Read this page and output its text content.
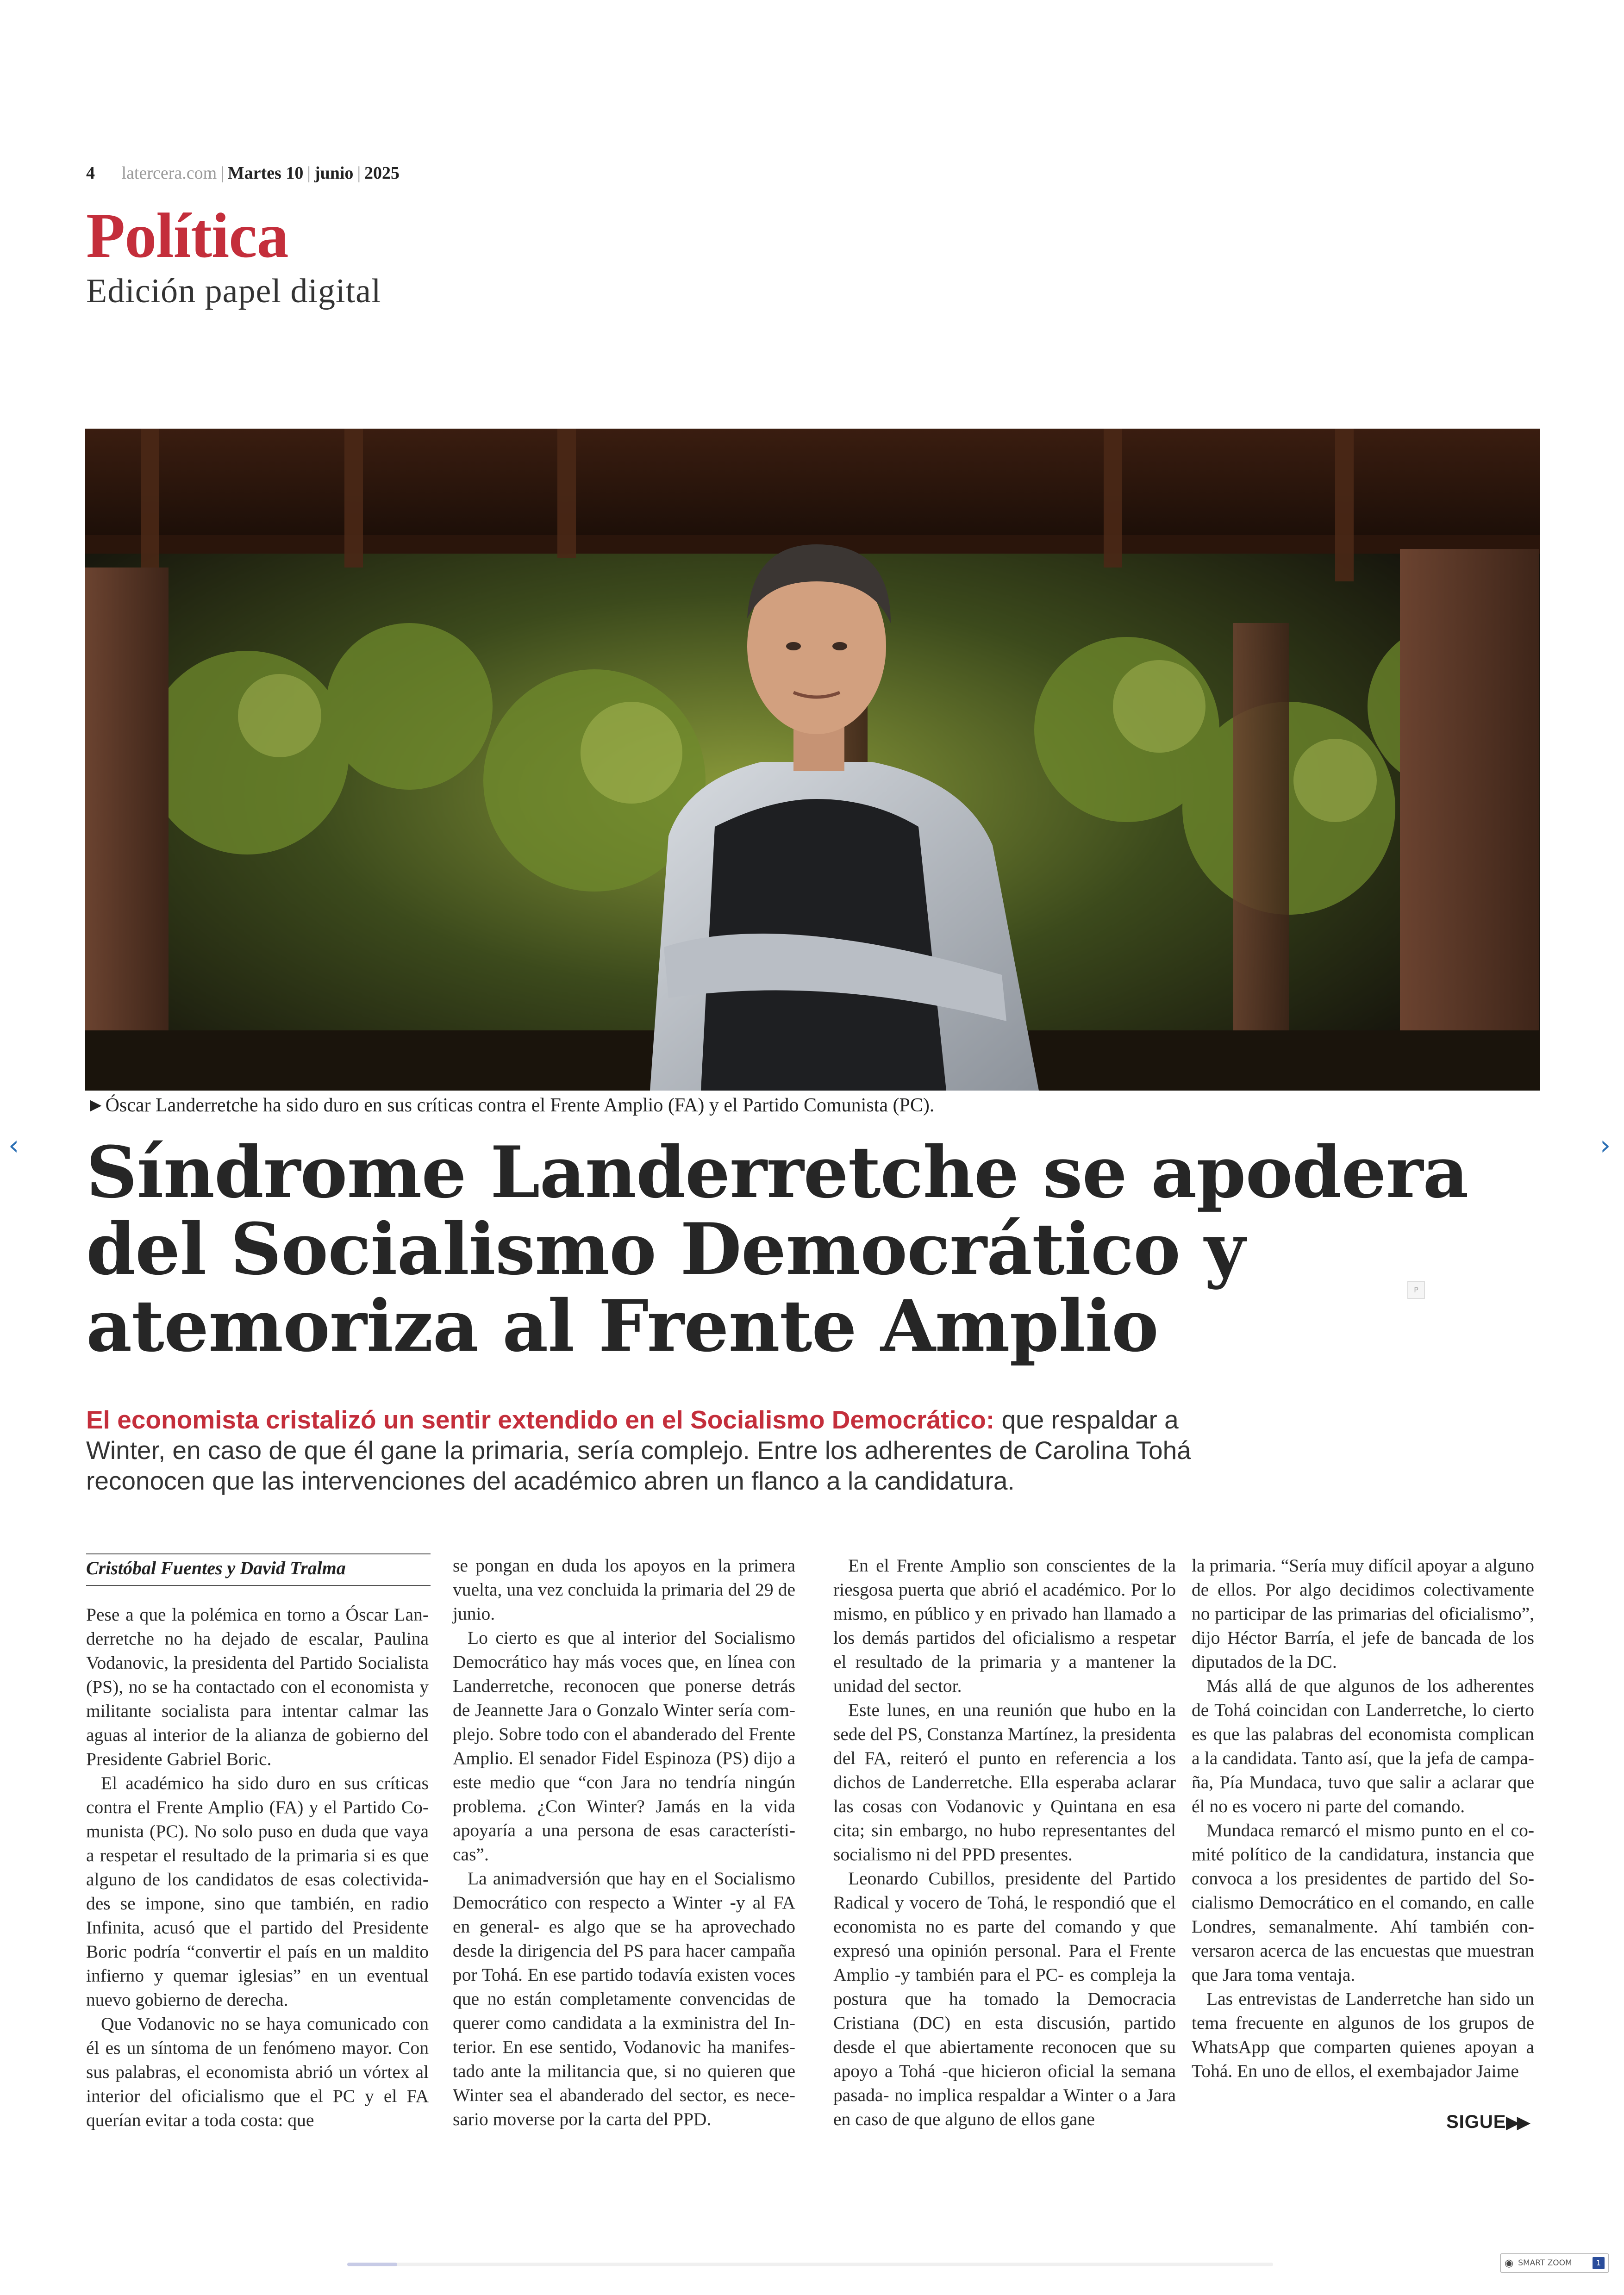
4 latercera.com | Martes 10 | junio | 2025
Política
Edición papel digital
►Óscar Landerretche ha sido duro en sus críticas contra el Frente Amplio (FA) y el Partido Comunista (PC).
‹	›
P
Síndrome Landerretche se apodera
del Socialismo Democrático y
atemoriza al Frente Amplio
El economista cristalizó un sentir extendido en el Socialismo Democrático: que respaldar a Winter, en caso de que él gane la primaria, sería complejo. Entre los adherentes de Carolina Tohá reconocen que las intervenciones del académico abren un flanco a la candidatura.
Cristóbal Fuentes y David Tralma

Pese a que la polémica en torno a Óscar Landerretche no ha dejado de escalar, Paulina Vodanovic, la presidenta del Partido Socialista (PS), no se ha contactado con el economista y militante socialista para intentar calmar las aguas al interior de la alianza de gobierno del Presidente Gabriel Boric.

El académico ha sido duro en sus críticas contra el Frente Amplio (FA) y el Partido Comunista (PC). No solo puso en duda que vaya a respetar el resultado de la primaria si es que alguno de los candidatos de esas colectividades se impone, sino que también, en radio Infinita, acusó que el partido del Presidente Boric podría “convertir el país en un maldito infierno y quemar iglesias” en un eventual nuevo gobierno de derecha.

Que Vodanovic no se haya comunicado con él es un síntoma de un fenómeno mayor. Con sus palabras, el economista abrió un vórtex al interior del oficialismo que el PC y el FA querían evitar a toda costa: que

se pongan en duda los apoyos en la primera vuelta, una vez concluida la primaria del 29 de junio.

Lo cierto es que al interior del Socialismo Democrático hay más voces que, en línea con Landerretche, reconocen que ponerse detrás de Jeannette Jara o Gonzalo Winter sería complejo. Sobre todo con el abanderado del Frente Amplio. El senador Fidel Espinoza (PS) dijo a este medio que “con Jara no tendría ningún problema. ¿Con Winter? Jamás en la vida apoyaría a una persona de esas características”.

La animadversión que hay en el Socialismo Democrático con respecto a Winter -y al FA en general- es algo que se ha aprovechado desde la dirigencia del PS para hacer campaña por Tohá. En ese partido todavía existen voces que no están completamente convencidas de querer como candidata a la exministra del Interior. En ese sentido, Vodanovic ha manifestado ante la militancia que, si no quieren que Winter sea el abanderado del sector, es necesario moverse por la carta del PPD.

En el Frente Amplio son conscientes de la riesgosa puerta que abrió el académico. Por lo mismo, en público y en privado han llamado a los demás partidos del oficialismo a respetar el resultado de la primaria y a mantener la unidad del sector.

Este lunes, en una reunión que hubo en la sede del PS, Constanza Martínez, la presidenta del FA, reiteró el punto en referencia a los dichos de Landerretche. Ella esperaba aclarar las cosas con Vodanovic y Quintana en esa cita; sin embargo, no hubo representantes del socialismo ni del PPD presentes.

Leonardo Cubillos, presidente del Partido Radical y vocero de Tohá, le respondió que el economista no es parte del comando y que expresó una opinión personal. Para el Frente Amplio -y también para el PC- es compleja la postura que ha tomado la Democracia Cristiana (DC) en esta discusión, partido desde el que abiertamente reconocen que su apoyo a Tohá -que hicieron oficial la semana pasada- no implica respaldar a Winter o a Jara en caso de que alguno de ellos gane

la primaria. “Sería muy difícil apoyar a alguno de ellos. Por algo decidimos colectivamente no participar de las primarias del oficialismo”, dijo Héctor Barría, el jefe de bancada de los diputados de la DC.

Más allá de que algunos de los adherentes de Tohá coincidan con Landerretche, lo cierto es que las palabras del economista complican a la candidata. Tanto así, que la jefa de campaña, Pía Mundaca, tuvo que salir a aclarar que él no es vocero ni parte del comando.

Mundaca remarcó el mismo punto en el comité político de la candidatura, instancia que convoca a los presidentes de partido del Socialismo Democrático en el comando, en calle Londres, semanalmente. Ahí también conversaron acerca de las encuestas que muestran que Jara toma ventaja.

Las entrevistas de Landerretche han sido un tema frecuente en algunos de los grupos de WhatsApp que comparten quienes apoyan a Tohá. En uno de ellos, el exembajador Jaime

SIGUE▶▶
◉ SMART ZOOM	1
